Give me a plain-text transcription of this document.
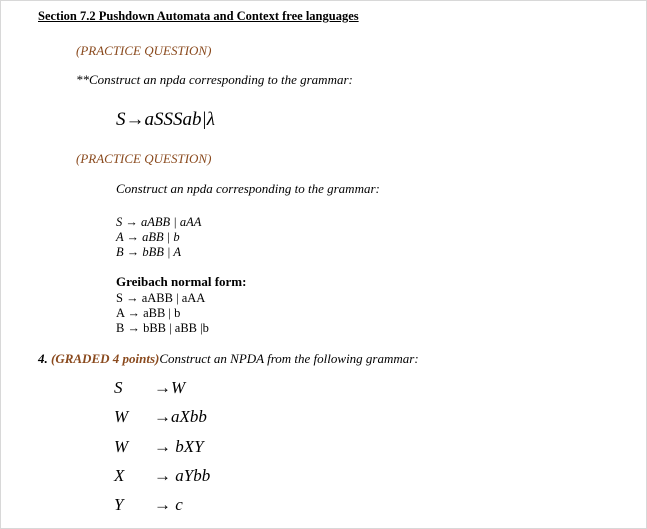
Section 7.2 Pushdown Automata and Context free languages
(PRACTICE QUESTION)
**Construct an npda corresponding to the grammar:
S→aSSSab|λ
(PRACTICE QUESTION)
Construct an npda corresponding to the grammar:
S → aABB | aAA
A → aBB | b
B → bBB | A
Greibach normal form:
S → aABB | aAA
A → aBB | b
B → bBB | aBB |b
4. (GRADED 4 points)Construct an NPDA from the following grammar:
S →W
W →aXbb
W → bXY
X → aYbb
Y → c
